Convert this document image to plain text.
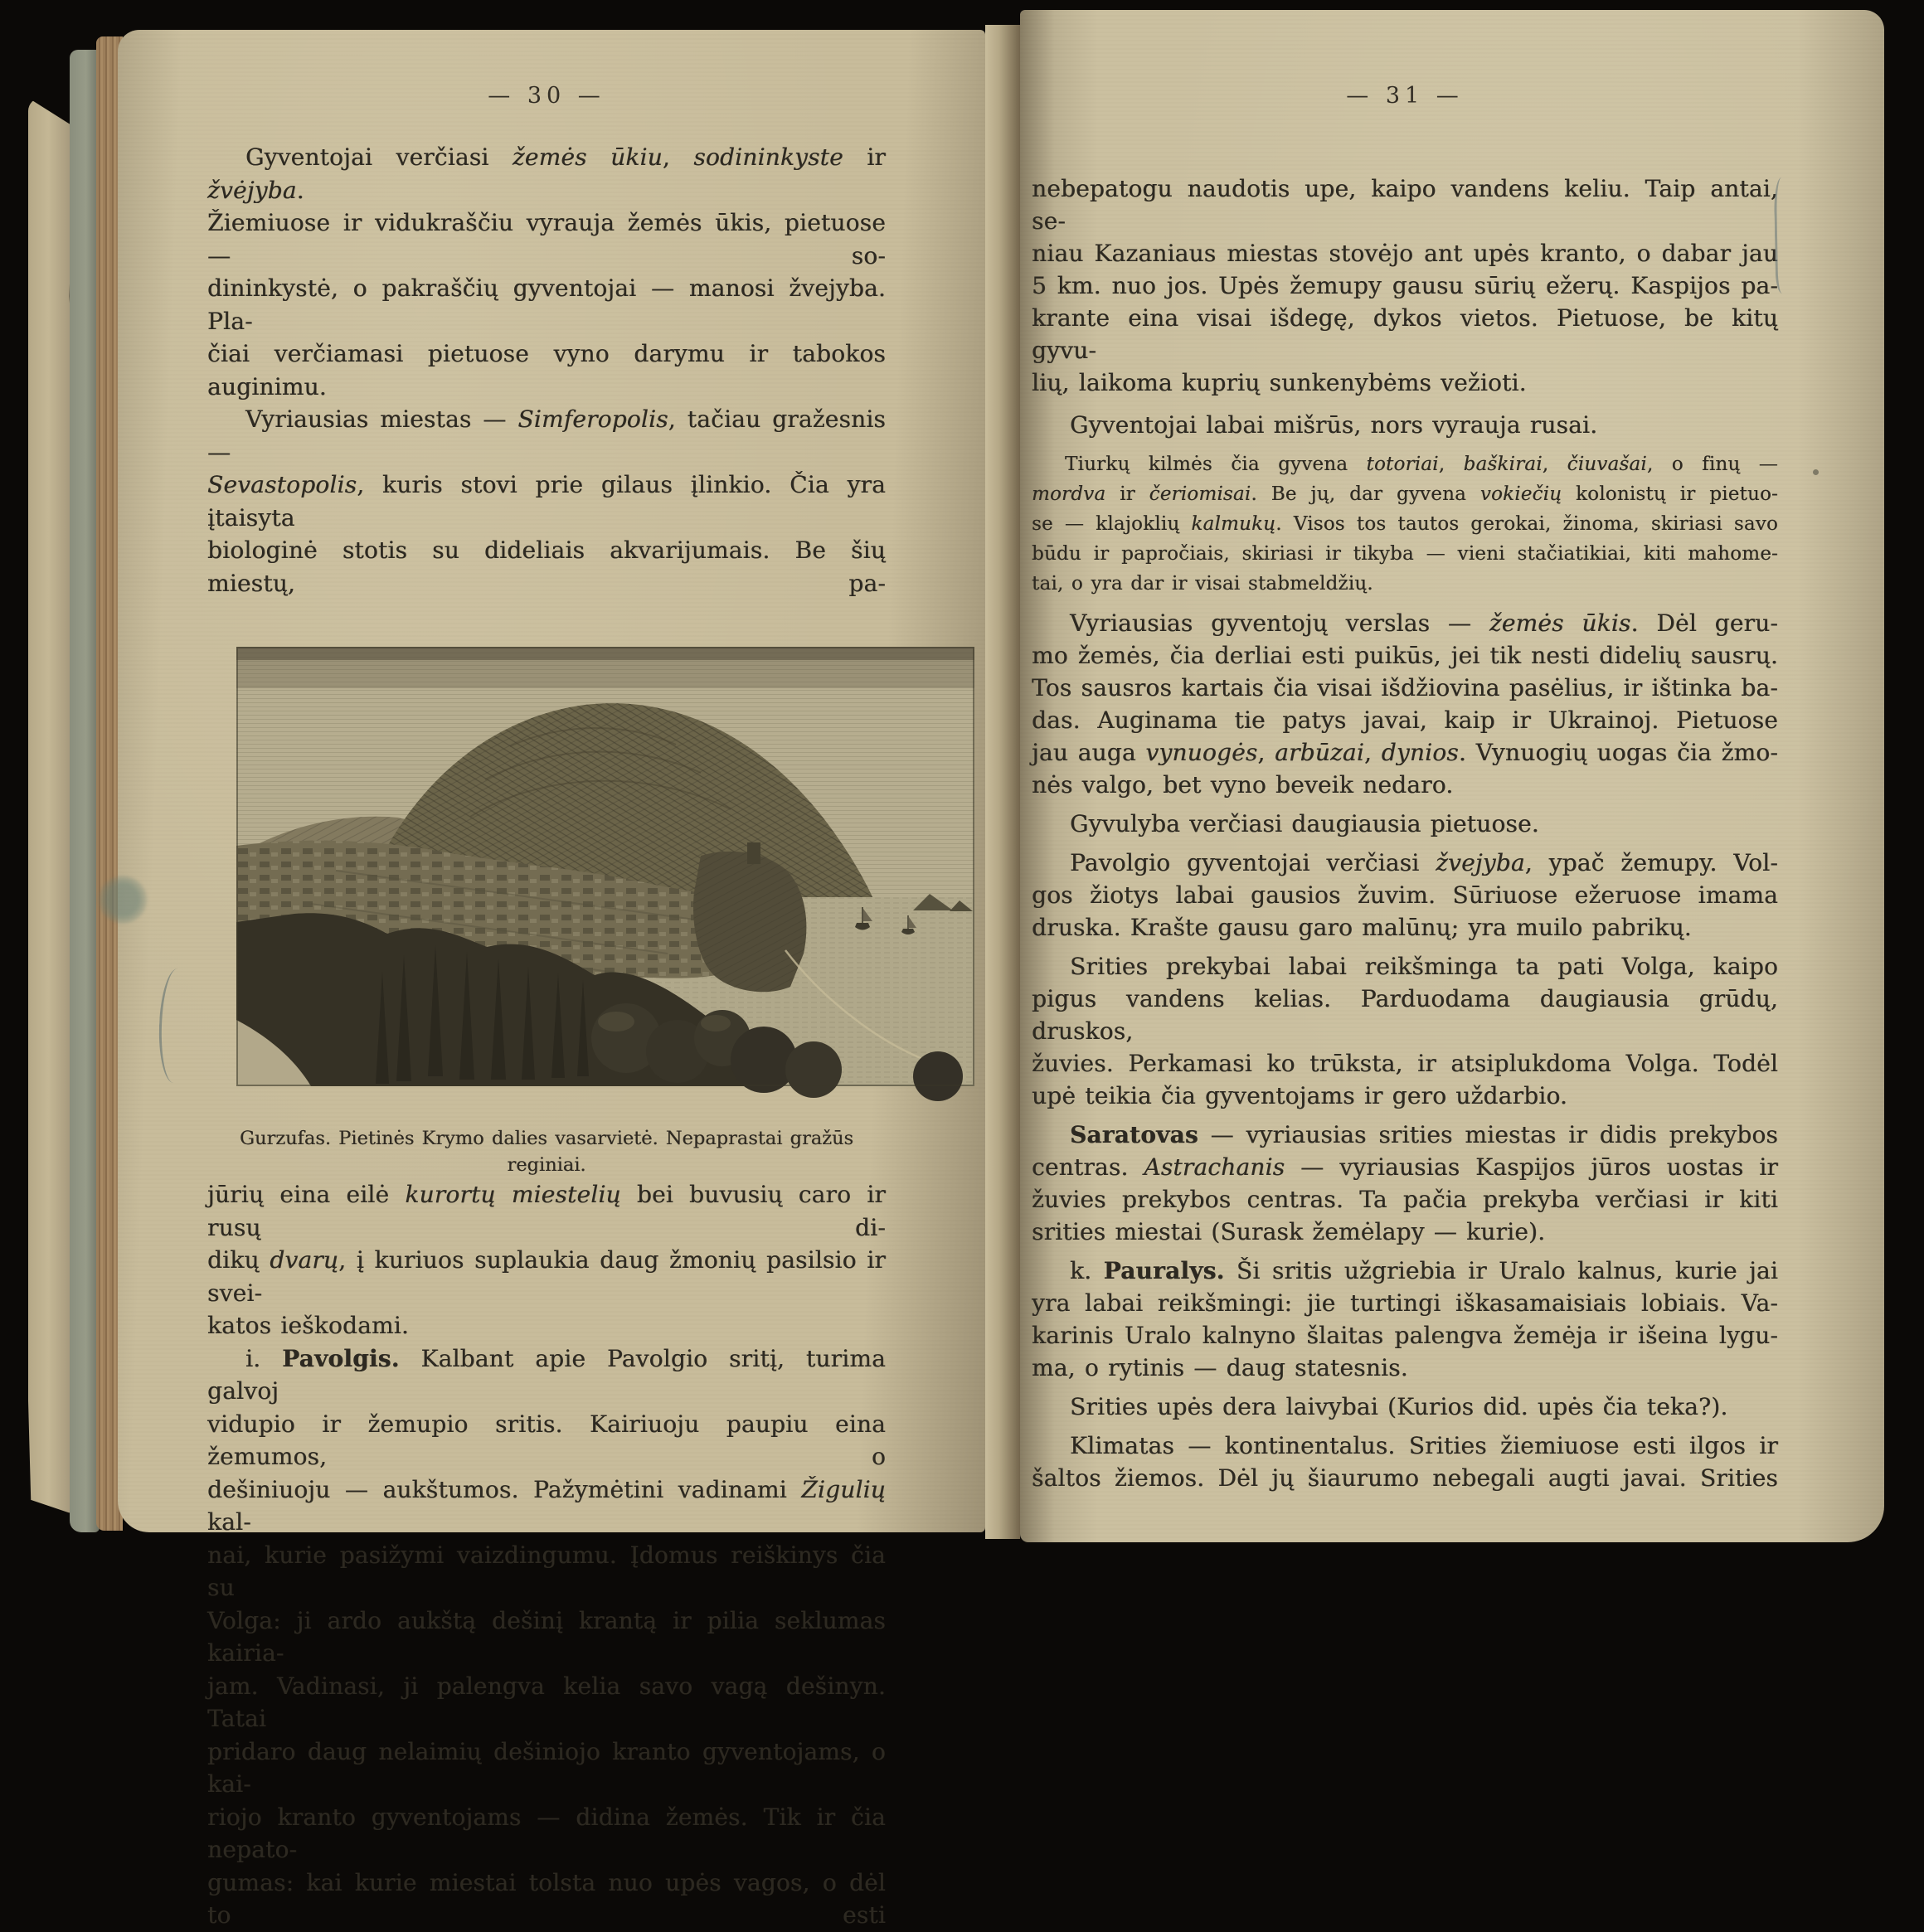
— 30 —
Gyventojai verčiasi žemės ūkiu, sodininkyste ir žvėjyba.
Žiemiuose ir vidukraščiu vyrauja žemės ūkis, pietuose — so-
dininkystė, o pakraščių gyventojai — manosi žvejyba. Pla-
čiai verčiamasi pietuose vyno darymu ir tabokos auginimu.
Vyriausias miestas — Simferopolis, tačiau gražesnis —
Sevastopolis, kuris stovi prie gilaus įlinkio. Čia yra įtaisyta
biologinė stotis su dideliais akvarijumais. Be šių miestų, pa-
Gurzufas. Pietinės Krymo dalies vasarvietė. Nepaprastai gražūs reginiai.
jūrių eina eilė kurortų miestelių bei buvusių caro ir rusų di-
dikų dvarų, į kuriuos suplaukia daug žmonių pasilsio ir svei-
katos ieškodami.
i. Pavolgis. Kalbant apie Pavolgio sritį, turima galvoj
vidupio ir žemupio sritis. Kairiuoju paupiu eina žemumos, o
dešiniuoju — aukštumos. Pažymėtini vadinami Žigulių kal-
nai, kurie pasižymi vaizdingumu. Įdomus reiškinys čia su
Volga: ji ardo aukštą dešinį krantą ir pilia seklumas kairia-
jam. Vadinasi, ji palengva kelia savo vagą dešinyn. Tatai
pridaro daug nelaimių dešiniojo kranto gyventojams, o kai-
riojo kranto gyventojams — didina žemės. Tik ir čia nepato-
gumas: kai kurie miestai tolsta nuo upės vagos, o dėl to esti
— 31 —
nebepatogu naudotis upe, kaipo vandens keliu. Taip antai, se-
niau Kazaniaus miestas stovėjo ant upės kranto, o dabar jau
5 km. nuo jos. Upės žemupy gausu sūrių ežerų. Kaspijos pa-
krante eina visai išdegę, dykos vietos. Pietuose, be kitų gyvu-
lių, laikoma kuprių sunkenybėms vežioti.
Gyventojai labai mišrūs, nors vyrauja rusai.
Tiurkų kilmės čia gyvena totoriai, baškirai, čiuvašai, o finų —
mordva ir čeriomisai. Be jų, dar gyvena vokiečių kolonistų ir pietuo-
se — klajoklių kalmukų. Visos tos tautos gerokai, žinoma, skiriasi savo
būdu ir papročiais, skiriasi ir tikyba — vieni stačiatikiai, kiti mahome-
tai, o yra dar ir visai stabmeldžių.
Vyriausias gyventojų verslas — žemės ūkis. Dėl geru-
mo žemės, čia derliai esti puikūs, jei tik nesti didelių sausrų.
Tos sausros kartais čia visai išdžiovina pasėlius, ir ištinka ba-
das. Auginama tie patys javai, kaip ir Ukrainoj. Pietuose
jau auga vynuogės, arbūzai, dynios. Vynuogių uogas čia žmo-
nės valgo, bet vyno beveik nedaro.
Gyvulyba verčiasi daugiausia pietuose.
Pavolgio gyventojai verčiasi žvejyba, ypač žemupy. Vol-
gos žiotys labai gausios žuvim. Sūriuose ežeruose imama
druska. Krašte gausu garo malūnų; yra muilo pabrikų.
Srities prekybai labai reikšminga ta pati Volga, kaipo
pigus vandens kelias. Parduodama daugiausia grūdų, druskos,
žuvies. Perkamasi ko trūksta, ir atsiplukdoma Volga. Todėl
upė teikia čia gyventojams ir gero uždarbio.
Saratovas — vyriausias srities miestas ir didis prekybos
centras. Astrachanis — vyriausias Kaspijos jūros uostas ir
žuvies prekybos centras. Ta pačia prekyba verčiasi ir kiti
srities miestai (Surask žemėlapy — kurie).
k. Pauralys. Ši sritis užgriebia ir Uralo kalnus, kurie jai
yra labai reikšmingi: jie turtingi iškasamaisiais lobiais. Va-
karinis Uralo kalnyno šlaitas palengva žemėja ir išeina lygu-
ma, o rytinis — daug statesnis.
Srities upės dera laivybai (Kurios did. upės čia teka?).
Klimatas — kontinentalus. Srities žiemiuose esti ilgos ir
šaltos žiemos. Dėl jų šiaurumo nebegali augti javai. Srities
